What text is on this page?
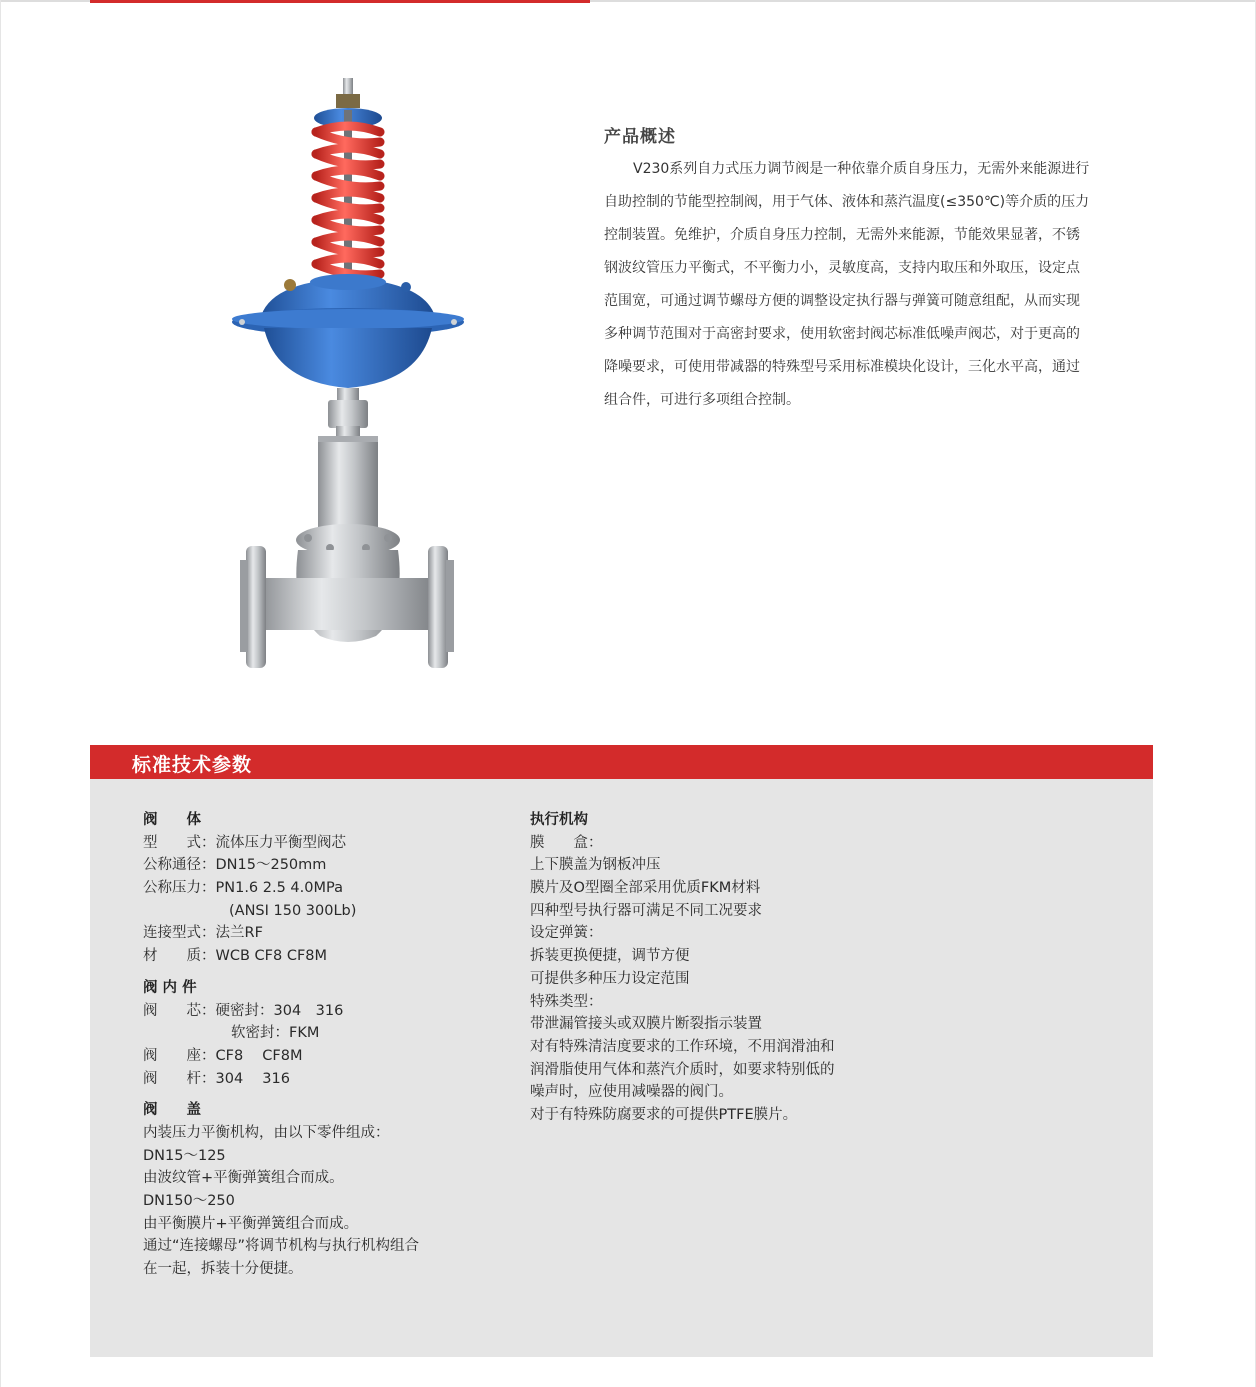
产品概述
V230系列自力式压力调节阀是一种依靠介质自身压力，无需外来能源进行
自助控制的节能型控制阀，用于气体、液体和蒸汽温度(≤350℃)等介质的压力
控制装置。免维护，介质自身压力控制，无需外来能源，节能效果显著，不锈
钢波纹管压力平衡式，不平衡力小，灵敏度高，支持内取压和外取压，设定点
范围宽，可通过调节螺母方便的调整设定执行器与弹簧可随意组配，从而实现
多种调节范围对于高密封要求，使用软密封阀芯标准低噪声阀芯，对于更高的
降噪要求，可使用带减器的特殊型号采用标准模块化设计，三化水平高，通过
组合件，可进行多项组合控制。
标准技术参数
阀　　体
型　　式：流体压力平衡型阀芯
公称通径：DN15～250mm
公称压力：PN1.6 2.5 4.0MPa
(ANSI 150 300Lb)
连接型式：法兰RF
材　　质：WCB CF8 CF8M
阀 内 件
阀　　芯：硬密封：304　316
软密封：FKM
阀　　座：CF8　 CF8M
阀　　杆：304　 316
阀　　盖
内装压力平衡机构，由以下零件组成：
DN15～125
由波纹管+平衡弹簧组合而成。
DN150～250
由平衡膜片+平衡弹簧组合而成。
通过“连接螺母”将调节机构与执行机构组合
在一起，拆装十分便捷。
执行机构
膜　　盒：
上下膜盖为钢板冲压
膜片及O型圈全部采用优质FKM材料
四种型号执行器可满足不同工况要求
设定弹簧：
拆装更换便捷，调节方便
可提供多种压力设定范围
特殊类型：
带泄漏管接头或双膜片断裂指示装置
对有特殊清洁度要求的工作环境，不用润滑油和
润滑脂使用气体和蒸汽介质时，如要求特别低的
噪声时，应使用减噪器的阀门。
对于有特殊防腐要求的可提供PTFE膜片。
